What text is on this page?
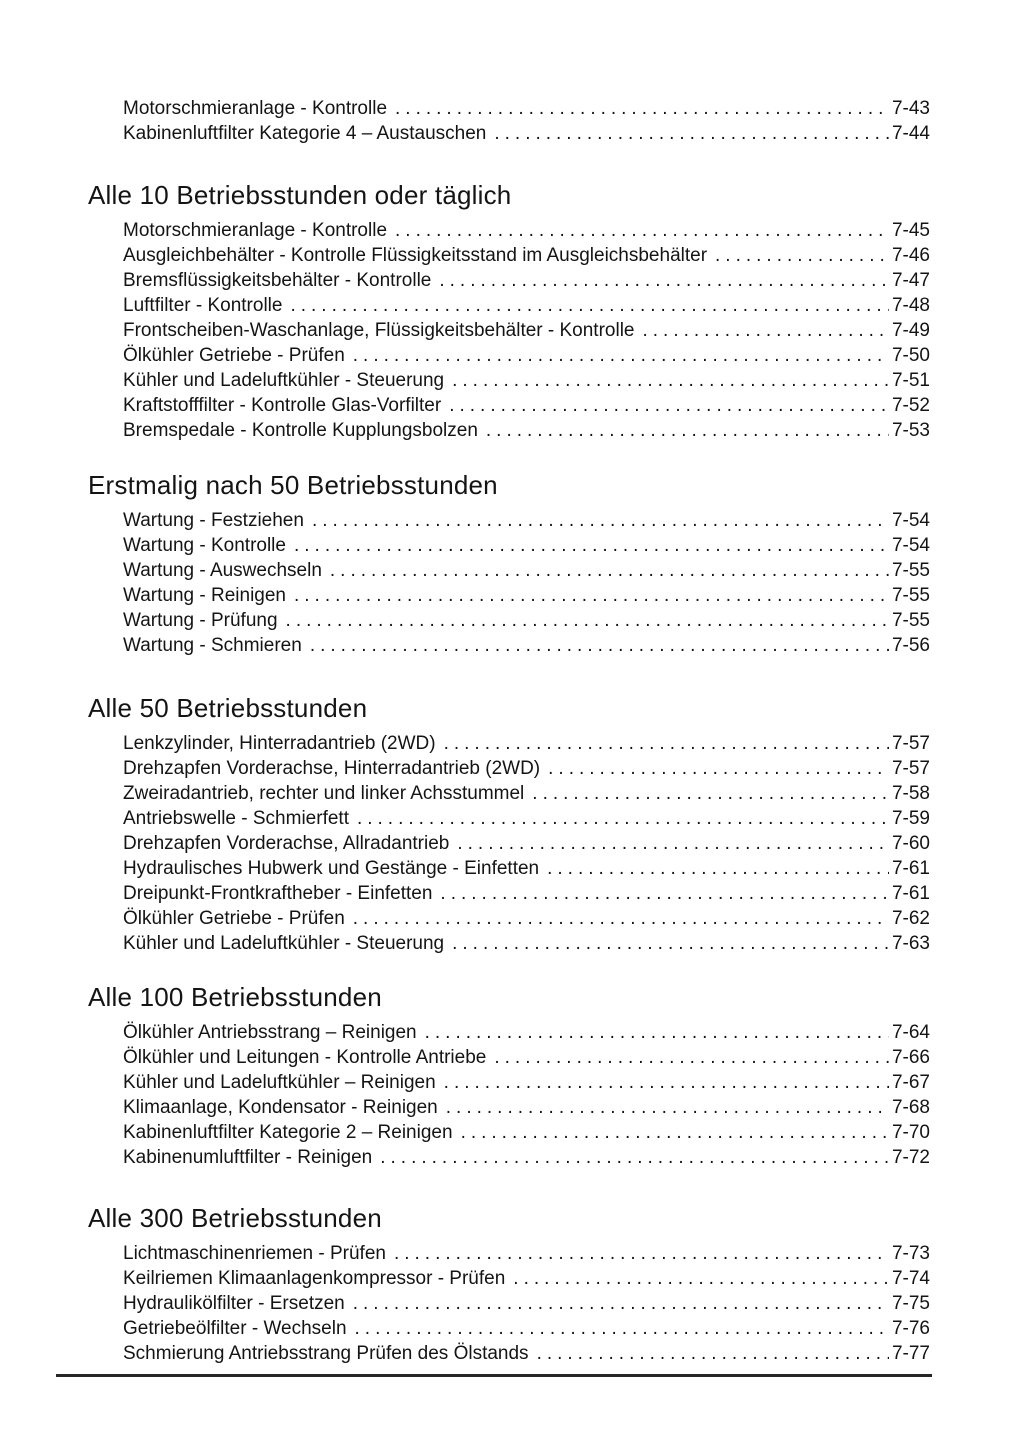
Motorschmieranlage - Kontrolle .....	7-43
Kabinenluftfilter Kategorie 4 – Austauschen .....	7-44
Alle 10 Betriebsstunden oder täglich
Motorschmieranlage - Kontrolle .....	7-45
Ausgleichbehälter - Kontrolle Flüssigkeitsstand im Ausgleichsbehälter .....	7-46
Bremsflüssigkeitsbehälter - Kontrolle .....	7-47
Luftfilter - Kontrolle .....	7-48
Frontscheiben-Waschanlage, Flüssigkeitsbehälter - Kontrolle .....	7-49
Ölkühler Getriebe - Prüfen .....	7-50
Kühler und Ladeluftkühler - Steuerung .....	7-51
Kraftstofffilter - Kontrolle Glas-Vorfilter .....	7-52
Bremspedale - Kontrolle Kupplungsbolzen .....	7-53
Erstmalig nach 50 Betriebsstunden
Wartung - Festziehen .....	7-54
Wartung - Kontrolle .....	7-54
Wartung - Auswechseln .....	7-55
Wartung - Reinigen .....	7-55
Wartung - Prüfung .....	7-55
Wartung - Schmieren .....	7-56
Alle 50 Betriebsstunden
Lenkzylinder, Hinterradantrieb (2WD) .....	7-57
Drehzapfen Vorderachse, Hinterradantrieb (2WD) .....	7-57
Zweiradantrieb, rechter und linker Achsstummel .....	7-58
Antriebswelle - Schmierfett .....	7-59
Drehzapfen Vorderachse, Allradantrieb .....	7-60
Hydraulisches Hubwerk und Gestänge - Einfetten .....	7-61
Dreipunkt-Frontkraftheber - Einfetten .....	7-61
Ölkühler Getriebe - Prüfen .....	7-62
Kühler und Ladeluftkühler - Steuerung .....	7-63
Alle 100 Betriebsstunden
Ölkühler Antriebsstrang – Reinigen .....	7-64
Ölkühler und Leitungen - Kontrolle Antriebe .....	7-66
Kühler und Ladeluftkühler – Reinigen .....	7-67
Klimaanlage, Kondensator - Reinigen .....	7-68
Kabinenluftfilter Kategorie 2 – Reinigen .....	7-70
Kabinenumluftfilter - Reinigen .....	7-72
Alle 300 Betriebsstunden
Lichtmaschinenriemen - Prüfen .....	7-73
Keilriemen Klimaanlagenkompressor - Prüfen .....	7-74
Hydraulikölfilter - Ersetzen .....	7-75
Getriebeölfilter - Wechseln .....	7-76
Schmierung Antriebsstrang Prüfen des Ölstands .....	7-77
